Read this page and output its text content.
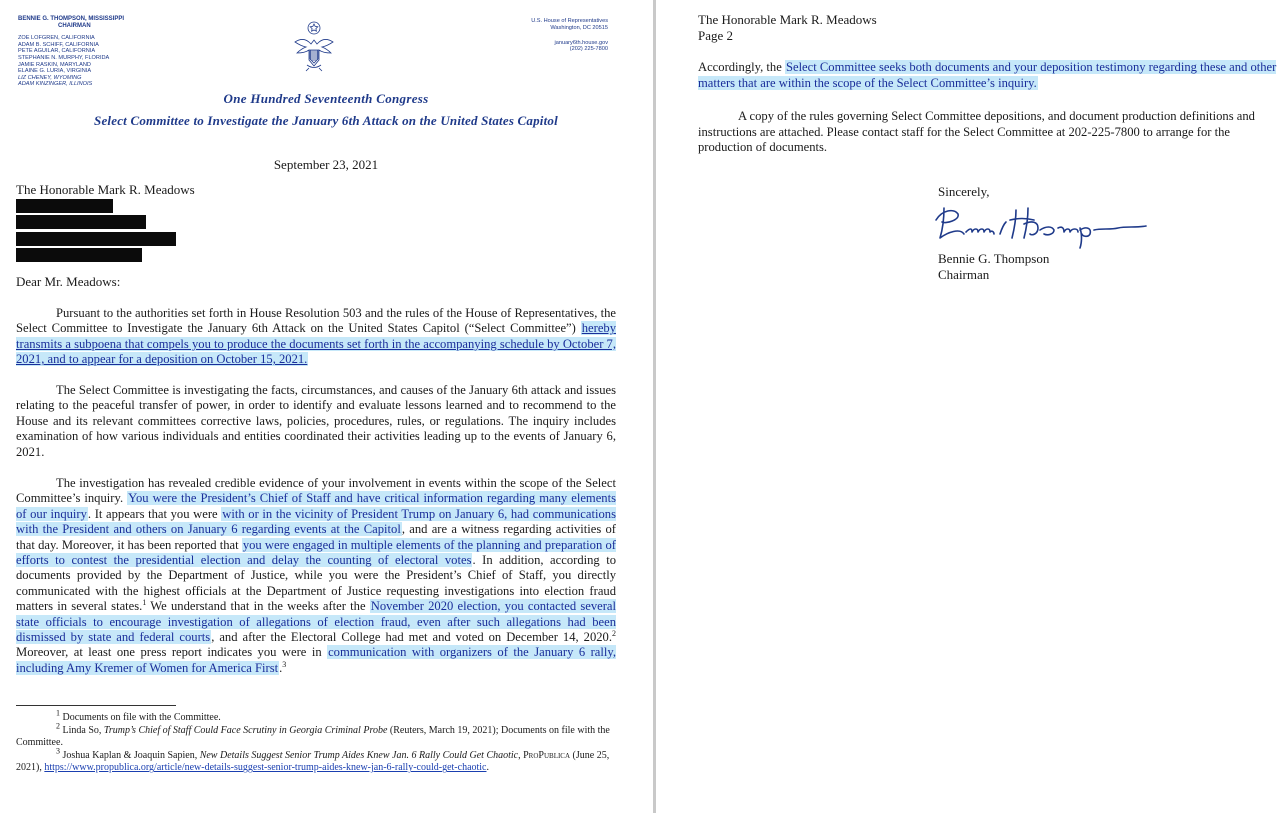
BENNIE G. THOMPSON, MISSISSIPPI
CHAIRMAN
ZOE LOFGREN, CALIFORNIA
ADAM B. SCHIFF, CALIFORNIA
PETE AGUILAR, CALIFORNIA
STEPHANIE N. MURPHY, FLORIDA
JAMIE RASKIN, MARYLAND
ELAINE G. LURIA, VIRGINIA
LIZ CHENEY, WYOMING
ADAM KINZINGER, ILLINOIS
U.S. House of Representatives
Washington, DC 20515
january6th.house.gov
(202) 225-7800
One Hundred Seventeenth Congress
Select Committee to Investigate the January 6th Attack on the United States Capitol
September 23, 2021
The Honorable Mark R. Meadows
Dear Mr. Meadows:
Pursuant to the authorities set forth in House Resolution 503 and the rules of the House of Representatives, the Select Committee to Investigate the January 6th Attack on the United States Capitol (“Select Committee”) hereby transmits a subpoena that compels you to produce the documents set forth in the accompanying schedule by October 7, 2021, and to appear for a deposition on October 15, 2021.
The Select Committee is investigating the facts, circumstances, and causes of the January 6th attack and issues relating to the peaceful transfer of power, in order to identify and evaluate lessons learned and to recommend to the House and its relevant committees corrective laws, policies, procedures, rules, or regulations. The inquiry includes examination of how various individuals and entities coordinated their activities leading up to the events of January 6, 2021.
The investigation has revealed credible evidence of your involvement in events within the scope of the Select Committee’s inquiry. You were the President’s Chief of Staff and have critical information regarding many elements of our inquiry. It appears that you were with or in the vicinity of President Trump on January 6, had communications with the President and others on January 6 regarding events at the Capitol, and are a witness regarding activities of that day. Moreover, it has been reported that you were engaged in multiple elements of the planning and preparation of efforts to contest the presidential election and delay the counting of electoral votes. In addition, according to documents provided by the Department of Justice, while you were the President’s Chief of Staff, you directly communicated with the highest officials at the Department of Justice requesting investigations into election fraud matters in several states.$^1$ We understand that in the weeks after the November 2020 election, you contacted several state officials to encourage investigation of allegations of election fraud, even after such allegations had been dismissed by state and federal courts, and after the Electoral College had met and voted on December 14, 2020.$^2$ Moreover, at least one press report indicates you were in communication with organizers of the January 6 rally, including Amy Kremer of Women for America First.$^3$
$^1$ Documents on file with the Committee.
$^2$ Linda So, Trump’s Chief of Staff Could Face Scrutiny in Georgia Criminal Probe (Reuters, March 19, 2021); Documents on file with the Committee.
$^3$ Joshua Kaplan & Joaquin Sapien, New Details Suggest Senior Trump Aides Knew Jan. 6 Rally Could Get Chaotic, ProPublica (June 25, 2021), https://www.propublica.org/article/new-details-suggest-senior-trump-aides-knew-jan-6-rally-could-get-chaotic.
The Honorable Mark R. Meadows
Page 2
Accordingly, the Select Committee seeks both documents and your deposition testimony regarding these and other matters that are within the scope of the Select Committee’s inquiry.
A copy of the rules governing Select Committee depositions, and document production definitions and instructions are attached. Please contact staff for the Select Committee at 202-225-7800 to arrange for the production of documents.
Sincerely,
Bennie G. Thompson
Chairman
